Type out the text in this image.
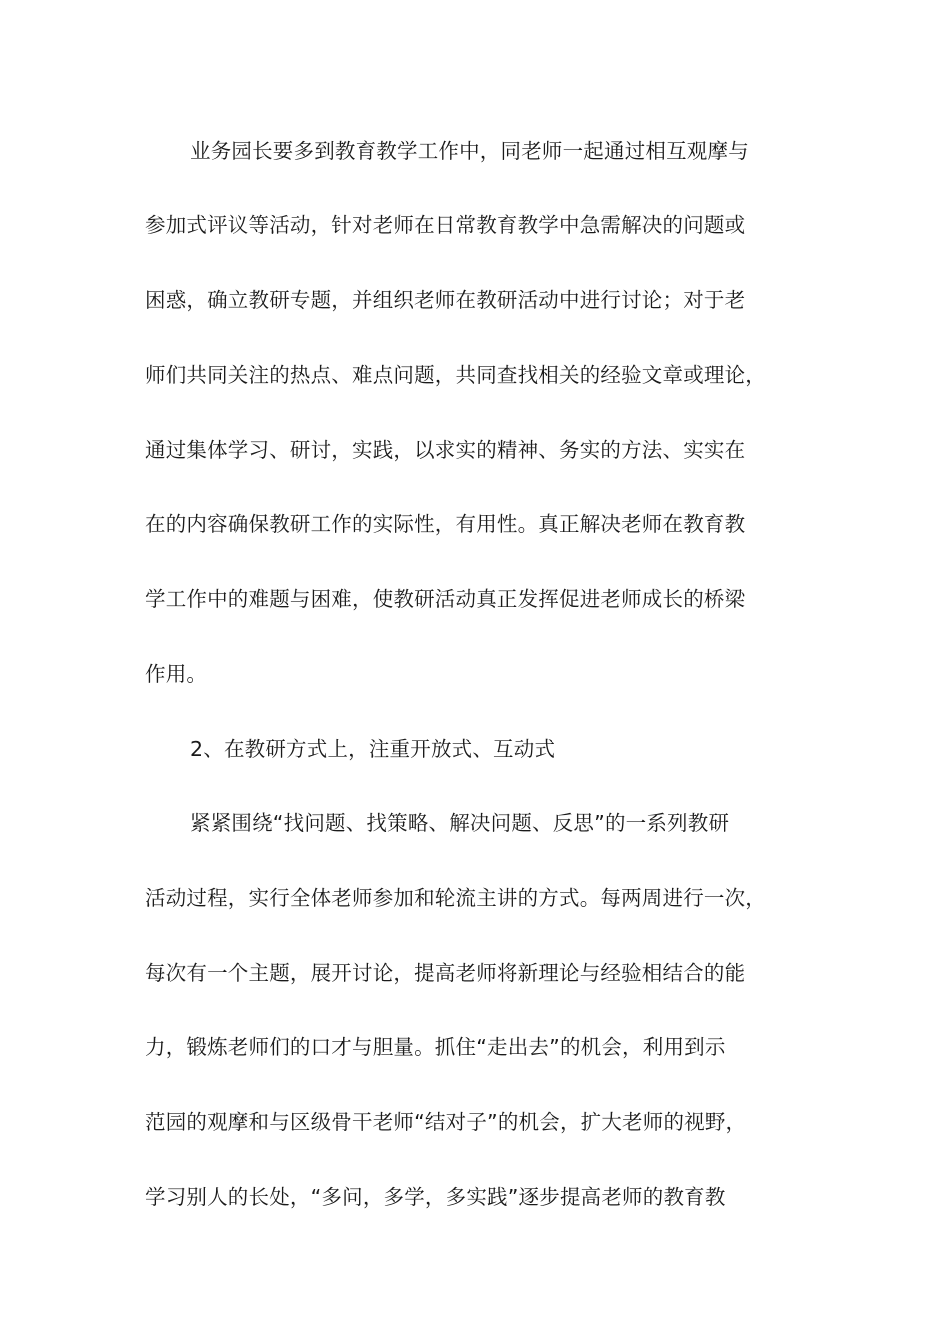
业务园长要多到教育教学工作中，同老师一起通过相互观摩与
参加式评议等活动，针对老师在日常教育教学中急需解决的问题或
困惑，确立教研专题，并组织老师在教研活动中进行讨论；对于老
师们共同关注的热点、难点问题，共同查找相关的经验文章或理论，
通过集体学习、研讨，实践，以求实的精神、务实的方法、实实在
在的内容确保教研工作的实际性，有用性。真正解决老师在教育教
学工作中的难题与困难，使教研活动真正发挥促进老师成长的桥梁
作用。
2、在教研方式上，注重开放式、互动式
紧紧围绕“找问题、找策略、解决问题、反思”的一系列教研
活动过程，实行全体老师参加和轮流主讲的方式。每两周进行一次，
每次有一个主题，展开讨论，提高老师将新理论与经验相结合的能
力，锻炼老师们的口才与胆量。抓住“走出去”的机会，利用到示
范园的观摩和与区级骨干老师“结对子”的机会，扩大老师的视野，
学习别人的长处，“多问，多学，多实践”逐步提高老师的教育教
